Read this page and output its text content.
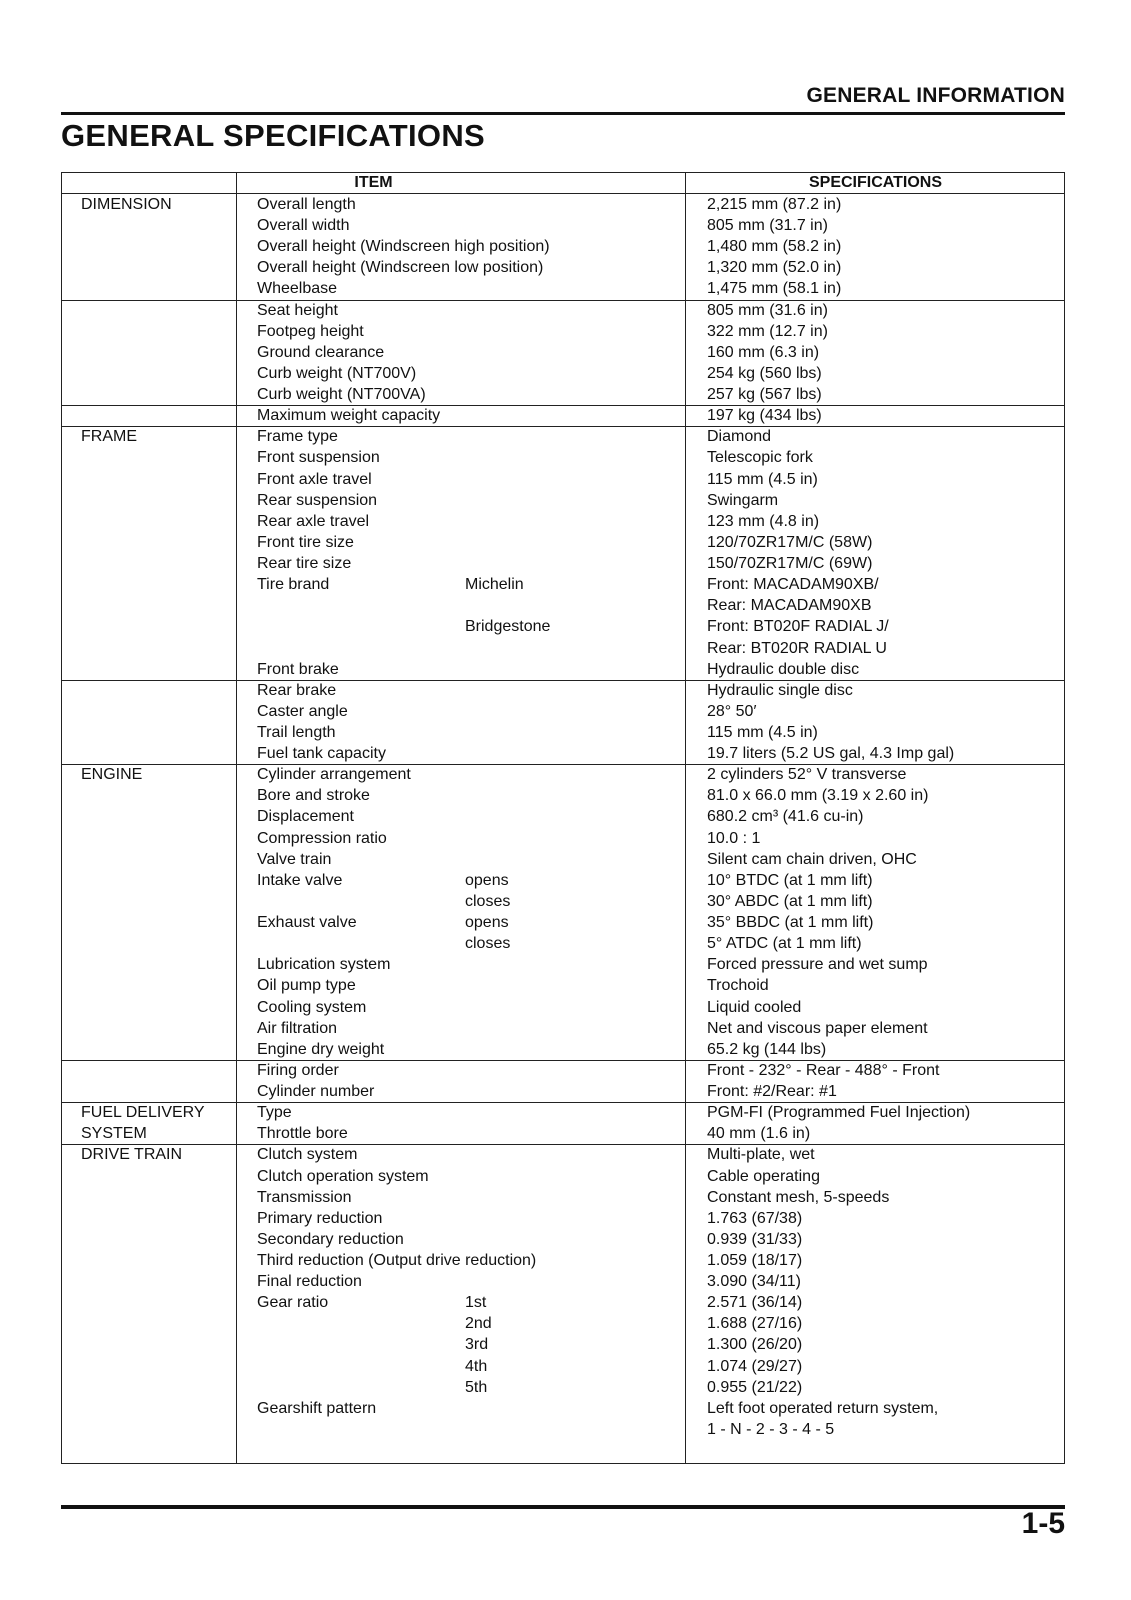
GENERAL INFORMATION
GENERAL SPECIFICATIONS
ITEM	SPECIFICATIONS
DIMENSION	Overall length	2,215 mm (87.2 in)
Overall width	805 mm (31.7 in)
Overall height (Windscreen high position)	1,480 mm (58.2 in)
Overall height (Windscreen low position)	1,320 mm (52.0 in)
Wheelbase	1,475 mm (58.1 in)
Seat height	805 mm (31.6 in)
Footpeg height	322 mm (12.7 in)
Ground clearance	160 mm (6.3 in)
Curb weight (NT700V)	254 kg (560 lbs)
Curb weight (NT700VA)	257 kg (567 lbs)
Maximum weight capacity	197 kg (434 lbs)
FRAME	Frame type	Diamond
Front suspension	Telescopic fork
Front axle travel	115 mm (4.5 in)
Rear suspension	Swingarm
Rear axle travel	123 mm (4.8 in)
Front tire size	120/70ZR17M/C (58W)
Rear tire size	150/70ZR17M/C (69W)
Tire brand	Michelin	Front: MACADAM90XB/
Rear: MACADAM90XB
Bridgestone	Front: BT020F RADIAL J/
Rear: BT020R RADIAL U
Front brake	Hydraulic double disc
Rear brake	Hydraulic single disc
Caster angle	28° 50′
Trail length	115 mm (4.5 in)
Fuel tank capacity	19.7 liters (5.2 US gal, 4.3 Imp gal)
ENGINE	Cylinder arrangement	2 cylinders 52° V transverse
Bore and stroke	81.0 x 66.0 mm (3.19 x 2.60 in)
Displacement	680.2 cm³ (41.6 cu-in)
Compression ratio	10.0 : 1
Valve train	Silent cam chain driven, OHC
Intake valve	opens	10° BTDC (at 1 mm lift)
closes	30° ABDC (at 1 mm lift)
Exhaust valve	opens	35° BBDC (at 1 mm lift)
closes	5° ATDC (at 1 mm lift)
Lubrication system	Forced pressure and wet sump
Oil pump type	Trochoid
Cooling system	Liquid cooled
Air filtration	Net and viscous paper element
Engine dry weight	65.2 kg (144 lbs)
Firing order	Front - 232° - Rear - 488° - Front
Cylinder number	Front: #2/Rear: #1
FUEL DELIVERY	Type	PGM-FI (Programmed Fuel Injection)
SYSTEM	Throttle bore	40 mm (1.6 in)
DRIVE TRAIN	Clutch system	Multi-plate, wet
Clutch operation system	Cable operating
Transmission	Constant mesh, 5-speeds
Primary reduction	1.763 (67/38)
Secondary reduction	0.939 (31/33)
Third reduction (Output drive reduction)	1.059 (18/17)
Final reduction	3.090 (34/11)
Gear ratio	1st	2.571 (36/14)
2nd	1.688 (27/16)
3rd	1.300 (26/20)
4th	1.074 (29/27)
5th	0.955 (21/22)
Gearshift pattern	Left foot operated return system,
1 - N - 2 - 3 - 4 - 5
1-5
